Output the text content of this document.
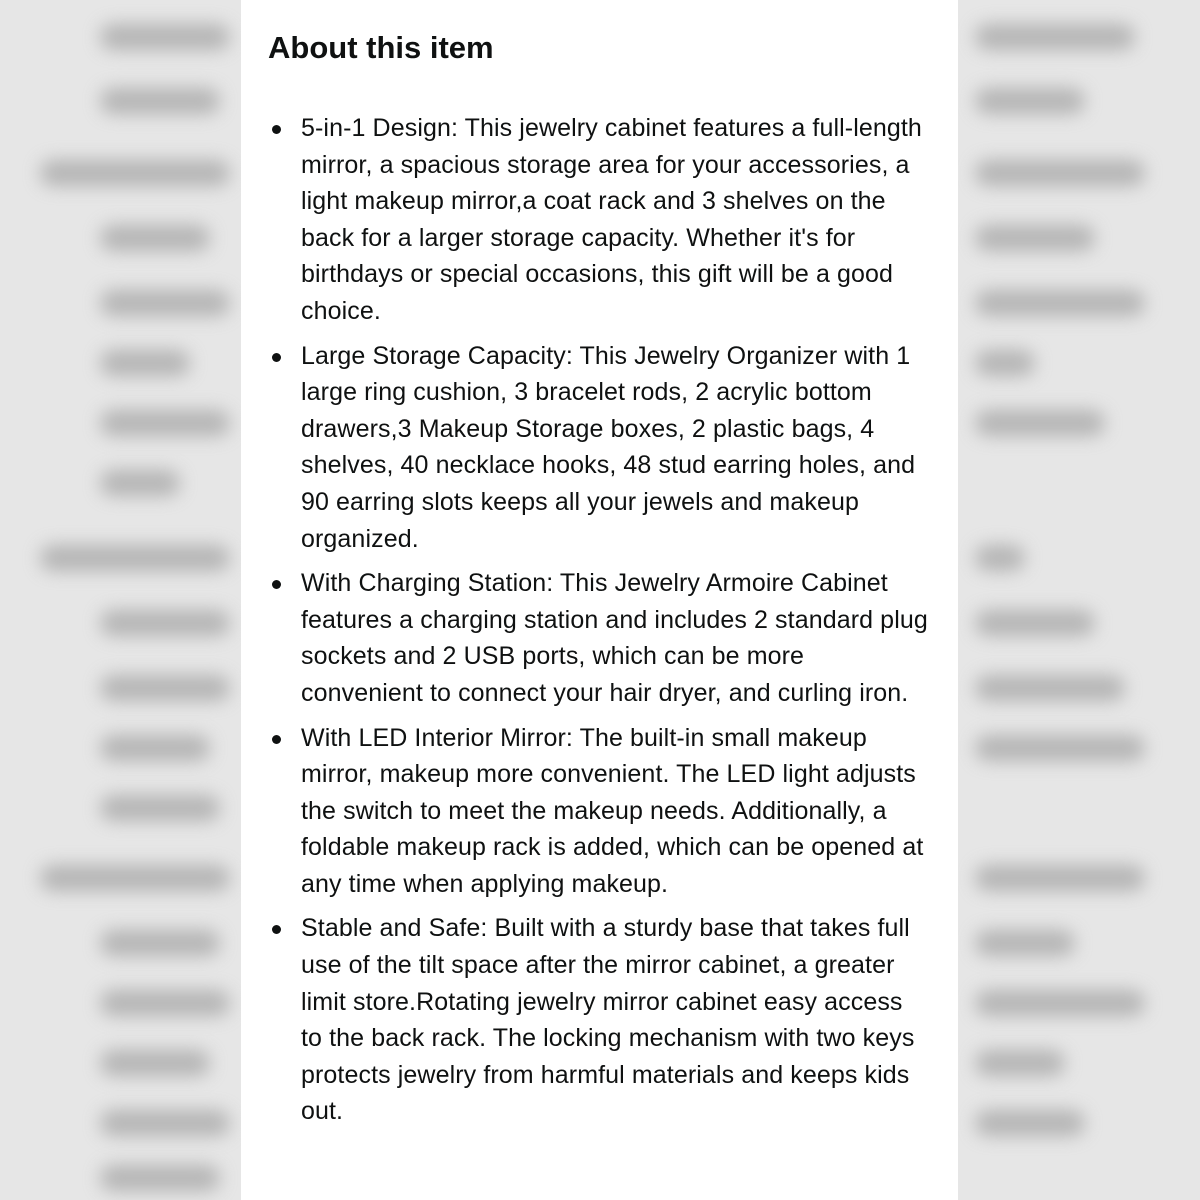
About this item
5-in-1 Design: This jewelry cabinet features a full-length mirror, a spacious storage area for your accessories, a light makeup mirror,a coat rack and 3 shelves on the back for a larger storage capacity. Whether it's for birthdays or special occasions, this gift will be a good choice.
Large Storage Capacity: This Jewelry Organizer with 1 large ring cushion, 3 bracelet rods, 2 acrylic bottom drawers,3 Makeup Storage boxes, 2 plastic bags, 4 shelves, 40 necklace hooks, 48 stud earring holes, and 90 earring slots keeps all your jewels and makeup organized.
With Charging Station: This Jewelry Armoire Cabinet features a charging station and includes 2 standard plug sockets and 2 USB ports, which can be more convenient to connect your hair dryer, and curling iron.
With LED Interior Mirror: The built-in small makeup mirror, makeup more convenient. The LED light adjusts the switch to meet the makeup needs. Additionally, a foldable makeup rack is added, which can be opened at any time when applying makeup.
Stable and Safe: Built with a sturdy base that takes full use of the tilt space after the mirror cabinet, a greater limit store.Rotating jewelry mirror cabinet easy access to the back rack. The locking mechanism with two keys protects jewelry from harmful materials and keeps kids out.
